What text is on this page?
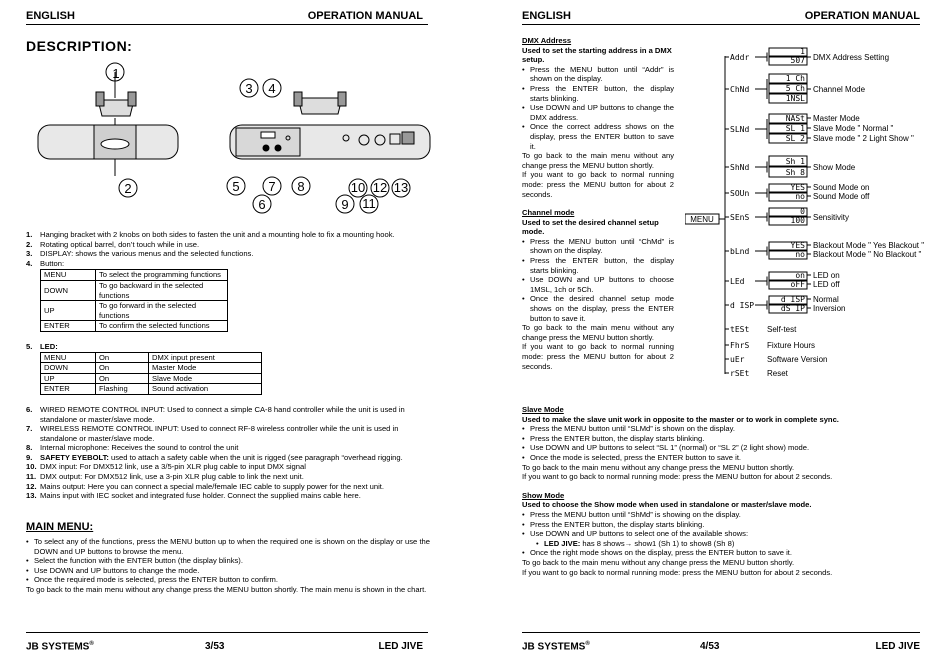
ENGLISH	OPERATION MANUAL
DESCRIPTION:
1
2
3 4
5
6
7 8
9
10
11
12 13
1.	Hanging bracket with 2 knobs on both sides to fasten the unit and a mounting hole to fix a mounting hook.
2.	Rotating optical barrel, don’t touch while in use.
3.	DISPLAY: shows the various menus and the selected functions.
4.	Button:
MENU	To select the programming functions
DOWN	To go backward in the selected functions
UP	To go forward in the selected functions
ENTER	To confirm the selected functions
5.	LED:
MENU	On	DMX input present
DOWN	On	Master Mode
UP	On	Slave Mode
ENTER	Flashing	Sound activation
6.	WIRED REMOTE CONTROL INPUT: Used to connect a simple CA-8 hand controller while the unit is used in standalone or master/slave mode.
7.	WIRELESS REMOTE CONTROL INPUT: Used to connect RF-8 wireless controller while the unit is used in standalone or master/slave mode.
8.	Internal microphone: Receives the sound to control the unit
9.	SAFETY EYEBOLT: used to attach a safety cable when the unit is rigged (see paragraph “overhead rigging.
10. DMX input: For DMX512 link, use a 3/5-pin XLR plug cable to input DMX signal
11. DMX output: For DMX512 link, use a 3-pin XLR plug cable to link the next unit.
12. Mains output: Here you can connect a special male/female IEC cable to supply power for the next unit.
13. Mains input with IEC socket and integrated fuse holder. Connect the supplied mains cable here.
MAIN MENU:
• To select any of the functions, press the MENU button up to when the required one is shown on the display or use the DOWN and UP buttons to browse the menu.
• Select the function with the ENTER button (the display blinks).
• Use DOWN and UP buttons to change the mode.
• Once the required mode is selected, press the ENTER button to confirm.
To go back to the main menu without any change press the MENU button shortly. The main menu is shown in the chart.
JB SYSTEMS®	3/53	LED JIVE
ENGLISH	OPERATION MANUAL
DMX Address
Used to set the starting address in a DMX setup.
• Press the MENU button until “Addr” is shown on the display.
• Press the ENTER button, the display starts blinking.
• Use DOWN and UP buttons to change the DMX address.
• Once the correct address shows on the display, press the ENTER button to save it.
To go back to the main menu without any change press the MENU button shortly.
If you want to go back to normal running mode: press the MENU button for about 2 seconds.
Channel mode
Used to set the desired channel setup mode.
• Press the MENU button until “ChMd” is shown on the display.
• Press the ENTER button, the display starts blinking.
• Use DOWN and UP buttons to choose 1MSL, 1ch or 5Ch.
• Once the desired channel setup mode shows on the display, press the ENTER button to save it.
To go back to the main menu without any change press the MENU button shortly.
If you want to go back to normal running mode: press the MENU button for about 2 seconds.
Slave Mode
Used to make the slave unit work in opposite to the master or to work in complete sync.
• Press the MENU button until “SLMd” is shown on the display.
• Press the ENTER button, the display starts blinking.
• Use DOWN and UP buttons to select “SL 1” (normal) or “SL 2” (2 light show) mode.
• Once the mode is selected, press the ENTER button to save it.
To go back to the main menu without any change press the MENU button shortly.
If you want to go back to normal running mode: press the MENU button for about 2 seconds.
Show Mode
Used to choose the Show mode when used in standalone or master/slave mode.
• Press the MENU button until “ShMd” is showing on the display.
• Press the ENTER button, the display starts blinking.
• Use DOWN and UP buttons to select one of the available shows:
• LED JIVE: has 8 shows→ show1 (Sh 1) to show8 (Sh 8)
• Once the right mode shows on the display, press the ENTER button to save it.
To go back to the main menu without any change press the MENU button shortly.
If you want to go back to normal running mode: press the MENU button for about 2 seconds.
JB SYSTEMS®	4/53	LED JIVE
MENU
Addr
1
507 DMX Address Setting
ChNd
1 Ch
5 Ch
1NSL
Channel Mode
SLNd
NASt
SL 1
SL 2
Master Mode
Slave Mode " Normal "
Slave mode " 2 Light Show "
ShNd
Sh 1
Sh 8
Show Mode
SOUn
YES
no
Sound Mode on
Sound Mode off
SEnS
0
100 Sensitivity
bLnd
YES
no
Blackout Mode " Yes Blackout "
Blackout Mode " No Blackout "
LEd
on
oFF
LED on
LED off
d ISP
d ISP
dS IP
Normal
Inversion
tESt Self-test
FhrS Fixture Hours
uEr	Software Version
rSEt Reset
